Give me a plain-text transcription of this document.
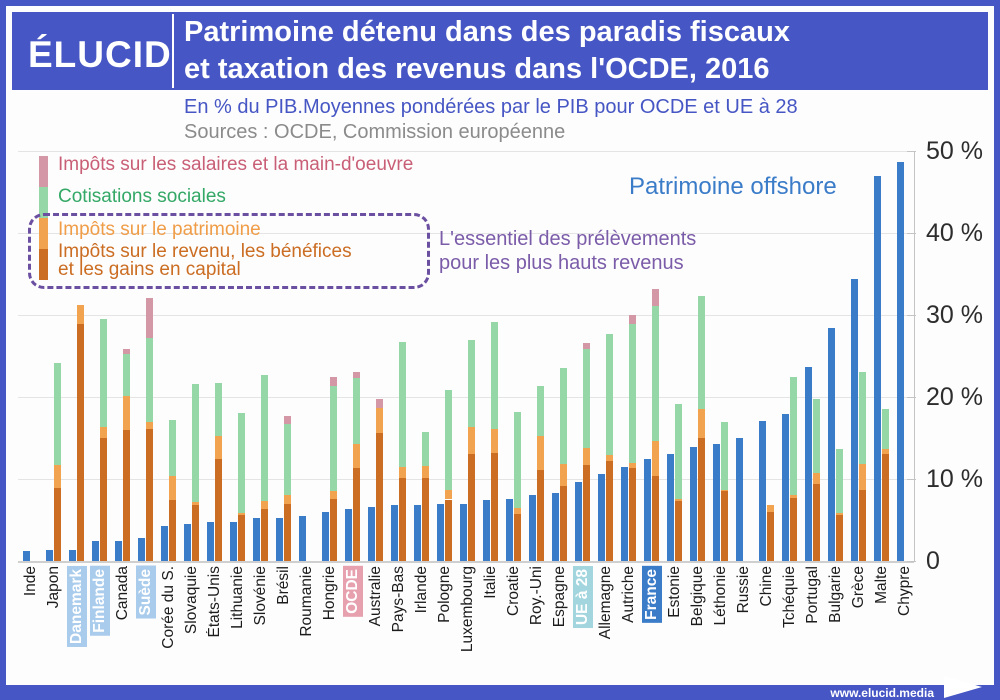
0
10 %
20 %
30 %
40 %
50 %
Inde Japon Danemark Finlande Canada Suède Corée du S. Slovaquie États-Unis Lithuanie Slovénie Brésil Roumanie Hongrie OCDE Australie Pays-Bas Irlande Pologne Luxembourg Italie Croatie Roy.-Uni Espagne UE à 28 Allemagne Autriche France Estonie Belgique Léthonie Russie Chine Tchéquie Portugal Bulgarie Grèce Malte Chypre
ÉLUCID
Patrimoine détenu dans des paradis fiscaux
et taxation des revenus dans l'OCDE, 2016
En % du PIB.Moyennes pondérées par le PIB pour OCDE et UE à 28
Sources : OCDE, Commission européenne
Impôts sur les salaires et la main-d'oeuvre
Cotisations sociales
Impôts sur le patrimoine
Impôts sur le revenu, les bénéfices
et les gains en capital
L'essentiel des prélèvements
pour les plus hauts revenus
Patrimoine offshore
www.elucid.media
